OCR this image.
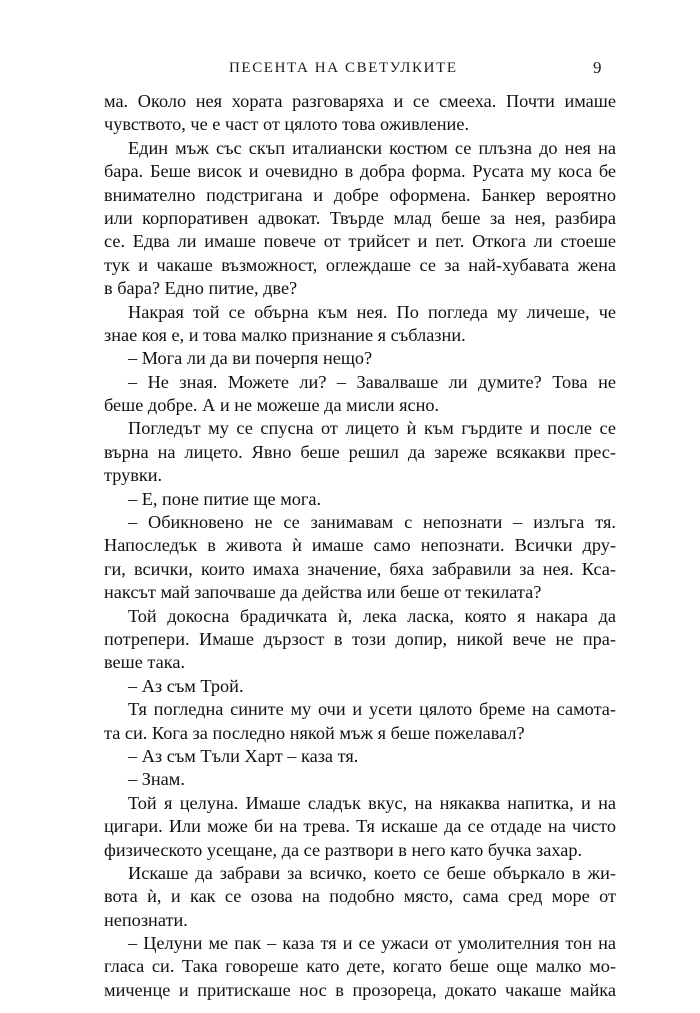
ПЕСЕНТА НА СВЕТУЛКИТЕ	9
ма. Около нея хората разговаряха и се смееха. Почти имаше
чувството, че е част от цялото това оживление.
Един мъж със скъп италиански костюм се плъзна до нея на
бара. Беше висок и очевидно в добра форма. Русата му коса бе
внимателно подстригана и добре оформена. Банкер вероятно
или корпоративен адвокат. Твърде млад беше за нея, разбира
се. Едва ли имаше повече от трийсет и пет. Откога ли стоеше
тук и чакаше възможност, оглеждаше се за най-хубавата жена
в бара? Едно питие, две?
Накрая той се обърна към нея. По погледа му личеше, че
знае коя е, и това малко признание я съблазни.
– Мога ли да ви почерпя нещо?
– Не зная. Можете ли? – Завалваше ли думите? Това не
беше добре. А и не можеше да мисли ясно.
Погледът му се спусна от лицето ѝ към гърдите и после се
върна на лицето. Явно беше решил да зареже всякакви прес-
трувки.
– Е, поне питие ще мога.
– Обикновено не се занимавам с непознати – излъга тя.
Напоследък в живота ѝ имаше само непознати. Всички дру-
ги, всички, които имаха значение, бяха забравили за нея. Кса-
наксът май започваше да действа или беше от текилата?
Той докосна брадичката ѝ, лека ласка, която я накара да
потрепери. Имаше дързост в този допир, никой вече не пра-
веше така.
– Аз съм Трой.
Тя погледна сините му очи и усети цялото бреме на самота-
та си. Кога за последно някой мъж я беше пожелавал?
– Аз съм Тъли Харт – каза тя.
– Знам.
Той я целуна. Имаше сладък вкус, на някаква напитка, и на
цигари. Или може би на трева. Тя искаше да се отдаде на чисто
физическото усещане, да се разтвори в него като бучка захар.
Искаше да забрави за всичко, което се беше объркало в жи-
вота ѝ, и как се озова на подобно място, сама сред море от
непознати.
– Целуни ме пак – каза тя и се ужаси от умолителния тон на
гласа си. Така говореше като дете, когато беше още малко мо-
миченце и притискаше нос в прозореца, докато чакаше майка
